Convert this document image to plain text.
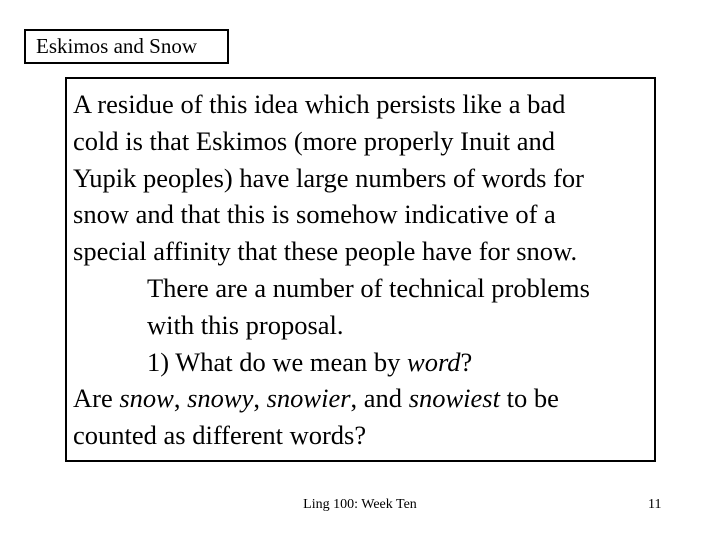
Eskimos and Snow
A residue of this idea which persists like a bad
cold is that Eskimos (more properly Inuit and
Yupik peoples) have large numbers of words for
snow and that this is somehow indicative of a
special affinity that these people have for snow.
There are a number of technical problems
with this proposal.
1) What do we mean by word?
Are snow, snowy, snowier, and snowiest to be
counted as different words?
Ling 100: Week Ten	11
